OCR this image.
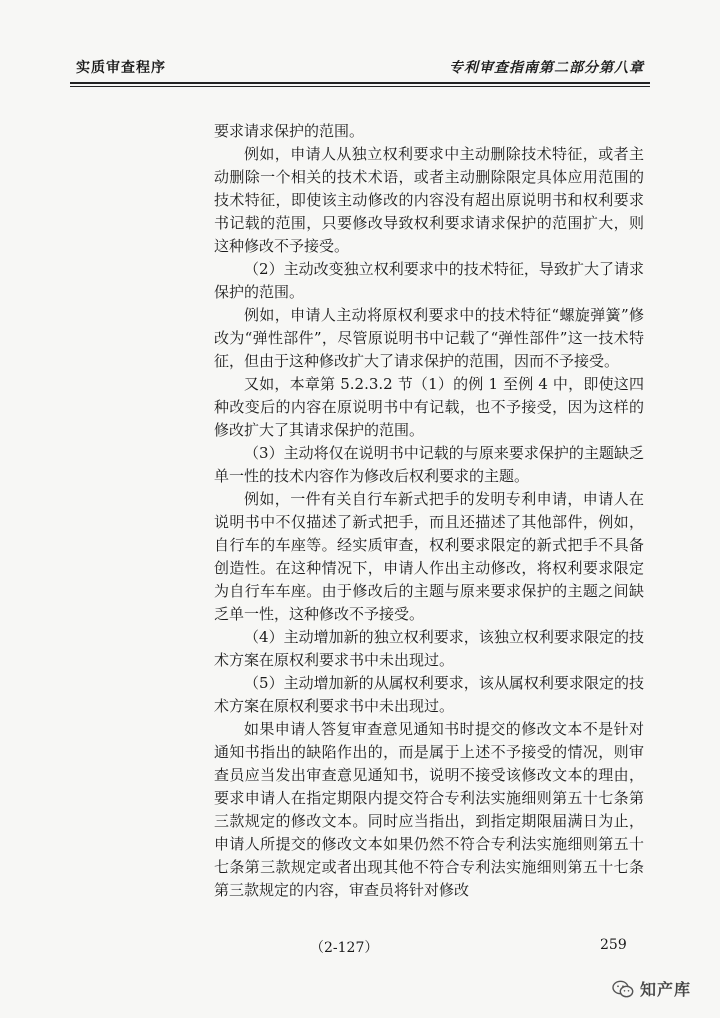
实质审查程序	专利审查指南第二部分第八章

要求请求保护的范围。

例如，申请人从独立权利要求中主动删除技术特征，或者主动删除一个相关的技术术语，或者主动删除限定具体应用范围的技术特征，即使该主动修改的内容没有超出原说明书和权利要求书记载的范围，只要修改导致权利要求请求保护的范围扩大，则这种修改不予接受。

（2）主动改变独立权利要求中的技术特征，导致扩大了请求保护的范围。

例如，申请人主动将原权利要求中的技术特征“螺旋弹簧”修改为“弹性部件”，尽管原说明书中记载了“弹性部件”这一技术特征，但由于这种修改扩大了请求保护的范围，因而不予接受。

又如，本章第 5.2.3.2 节（1）的例 1 至例 4 中，即使这四种改变后的内容在原说明书中有记载，也不予接受，因为这样的修改扩大了其请求保护的范围。

（3）主动将仅在说明书中记载的与原来要求保护的主题缺乏单一性的技术内容作为修改后权利要求的主题。

例如，一件有关自行车新式把手的发明专利申请，申请人在说明书中不仅描述了新式把手，而且还描述了其他部件，例如，自行车的车座等。经实质审查，权利要求限定的新式把手不具备创造性。在这种情况下，申请人作出主动修改，将权利要求限定为自行车车座。由于修改后的主题与原来要求保护的主题之间缺乏单一性，这种修改不予接受。

（4）主动增加新的独立权利要求，该独立权利要求限定的技术方案在原权利要求书中未出现过。

（5）主动增加新的从属权利要求，该从属权利要求限定的技术方案在原权利要求书中未出现过。

如果申请人答复审查意见通知书时提交的修改文本不是针对通知书指出的缺陷作出的，而是属于上述不予接受的情况，则审查员应当发出审查意见通知书，说明不接受该修改文本的理由，要求申请人在指定期限内提交符合专利法实施细则第五十七条第三款规定的修改文本。同时应当指出，到指定期限届满日为止，申请人所提交的修改文本如果仍然不符合专利法实施细则第五十七条第三款规定或者出现其他不符合专利法实施细则第五十七条第三款规定的内容，审查员将针对修改

（2-127）	259
知产库
